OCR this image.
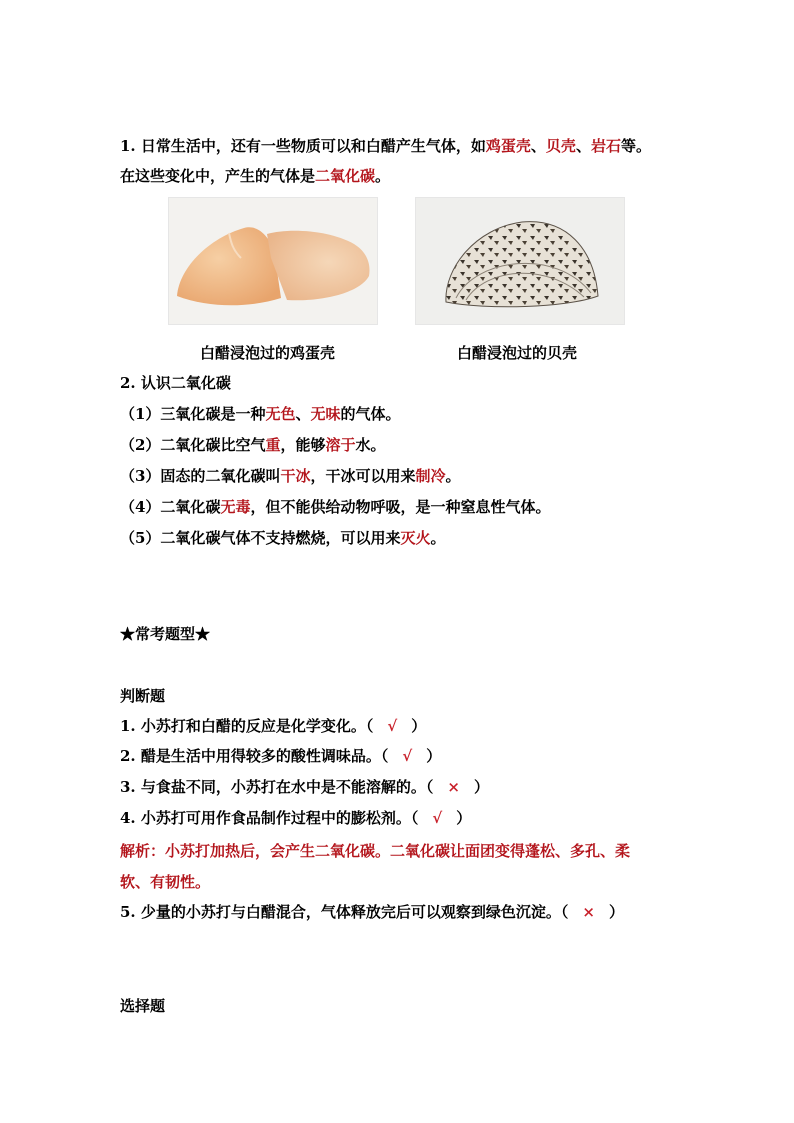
1. 日常生活中，还有一些物质可以和白醋产生气体，如鸡蛋壳、贝壳、岩石等。
在这些变化中，产生的气体是二氧化碳。
白醋浸泡过的鸡蛋壳	白醋浸泡过的贝壳
2. 认识二氧化碳
（1）三氧化碳是一种无色、无味的气体。
（2）二氧化碳比空气重，能够溶于水。
（3）固态的二氧化碳叫干冰，干冰可以用来制冷。
（4）二氧化碳无毒，但不能供给动物呼吸，是一种窒息性气体。
（5）二氧化碳气体不支持燃烧，可以用来灭火。
★常考题型★
判断题
1. 小苏打和白醋的反应是化学变化。（ √ ）
2. 醋是生活中用得较多的酸性调味品。（ √ ）
3. 与食盐不同，小苏打在水中是不能溶解的。（ × ）
4. 小苏打可用作食品制作过程中的膨松剂。（ √ ）
解析：小苏打加热后，会产生二氧化碳。二氧化碳让面团变得蓬松、多孔、柔
软、有韧性。
5. 少量的小苏打与白醋混合，气体释放完后可以观察到绿色沉淀。（ × ）
选择题
